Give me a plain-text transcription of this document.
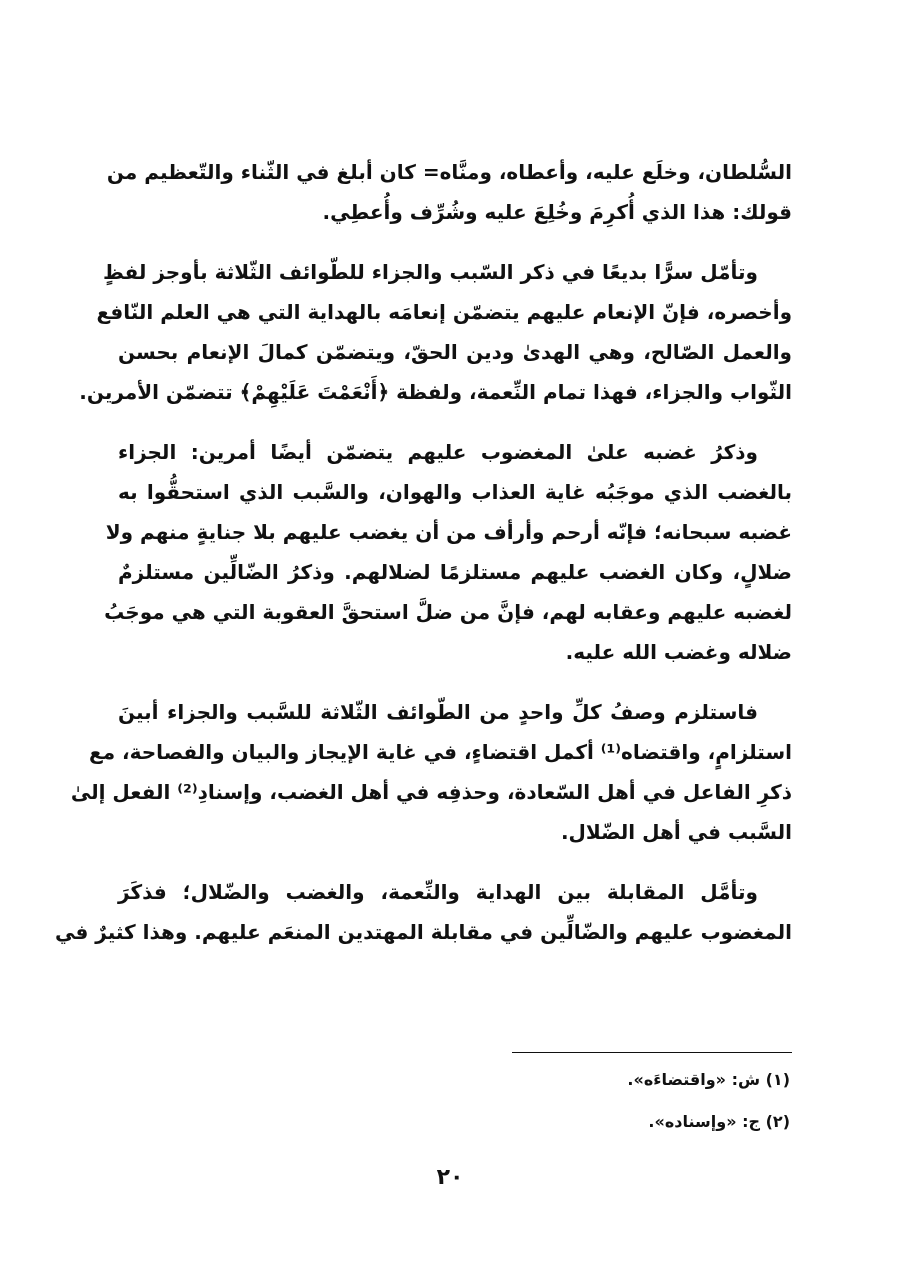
السُّلطان، وخلَع عليه، وأعطاه، ومنَّاه= كان أبلغ في الثّناء والتّعظيم من
قولك: هذا الذي أُكرِمَ وخُلِعَ عليه وشُرِّف وأُعطِي.
وتأمّل سرًّا بديعًا في ذكر السّبب والجزاء للطّوائف الثّلاثة بأوجز لفظٍ
وأخصره، فإنّ الإنعام عليهم يتضمّن إنعامَه بالهداية التي هي العلم النّافع
والعمل الصّالح، وهي الهدىٰ ودين الحقّ، ويتضمّن كمالَ الإنعام بحسن
الثّواب والجزاء، فهذا تمام النِّعمة، ولفظة ﴿أَنْعَمْتَ عَلَيْهِمْ﴾ تتضمّن الأمرين.
وذكرُ غضبه علىٰ المغضوب عليهم يتضمّن أيضًا أمرين: الجزاء
بالغضب الذي موجَبُه غاية العذاب والهوان، والسَّبب الذي استحقُّوا به
غضبه سبحانه؛ فإنّه أرحم وأرأف من أن يغضب عليهم بلا جنايةٍ منهم ولا
ضلالٍ، وكان الغضب عليهم مستلزمًا لضلالهم. وذكرُ الضّالِّين مستلزمٌ
لغضبه عليهم وعقابه لهم، فإنَّ من ضلَّ استحقَّ العقوبة التي هي موجَبُ
ضلاله وغضب الله عليه.
فاستلزم وصفُ كلِّ واحدٍ من الطّوائف الثّلاثة للسَّبب والجزاء أبينَ
استلزامٍ، واقتضاه⁽¹⁾ أكمل اقتضاءٍ، في غاية الإيجاز والبيان والفصاحة، مع
ذكرِ الفاعل في أهل السّعادة، وحذفِه في أهل الغضب، وإسنادِ⁽²⁾ الفعل إلىٰ
السَّبب في أهل الضّلال.
وتأمَّل المقابلة بين الهداية والنِّعمة، والغضب والضّلال؛ فذكَرَ
المغضوب عليهم والضّالِّين في مقابلة المهتدين المنعَم عليهم. وهذا كثيرٌ في
(١) ش: «واقتضاءَه».
(٢) ج: «وإسناده».
٢٠
